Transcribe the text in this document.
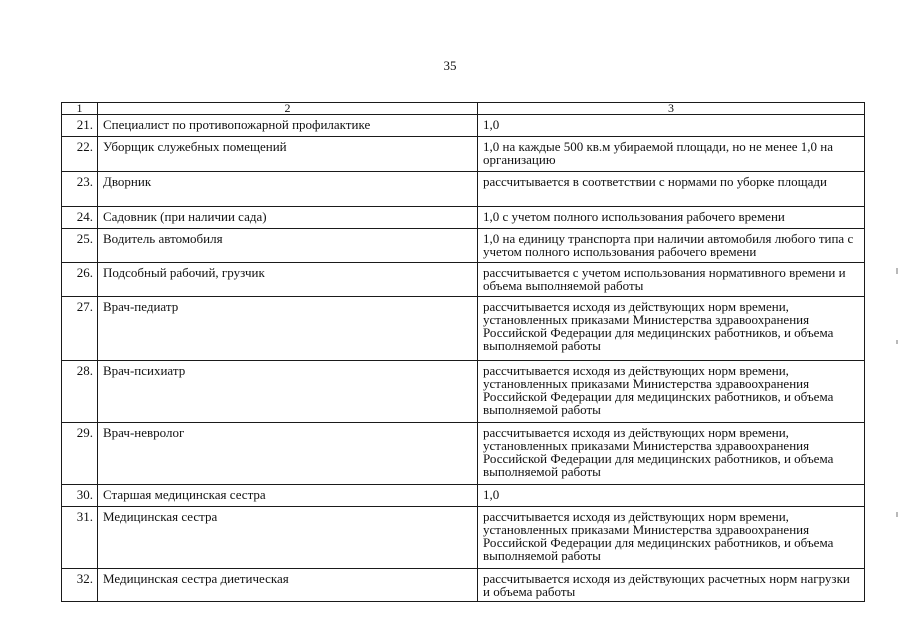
35
1	2	3
21.	Специалист по противопожарной профилактике	1,0
22.	Уборщик служебных помещений	1,0 на каждые 500 кв.м убираемой площади, но не менее 1,0 на организацию
23.	Дворник	рассчитывается в соответствии с нормами по уборке площади
24.	Садовник (при наличии сада)	1,0 с учетом полного использования рабочего времени
25.	Водитель автомобиля	1,0 на единицу транспорта при наличии автомобиля любого типа с учетом полного использования рабочего времени
26.	Подсобный рабочий, грузчик	рассчитывается с учетом использования нормативного времени и объема выполняемой работы
27.	Врач-педиатр	рассчитывается исходя из действующих норм времени, установленных приказами Министерства здравоохранения Российской Федерации для медицинских работников, и объема выполняемой работы
28.	Врач-психиатр	рассчитывается исходя из действующих норм времени, установленных приказами Министерства здравоохранения Российской Федерации для медицинских работников, и объема выполняемой работы
29.	Врач-невролог	рассчитывается исходя из действующих норм времени, установленных приказами Министерства здравоохранения Российской Федерации для медицинских работников, и объема выполняемой работы
30.	Старшая медицинская сестра	1,0
31.	Медицинская сестра	рассчитывается исходя из действующих норм времени, установленных приказами Министерства здравоохранения Российской Федерации для медицинских работников, и объема выполняемой работы
32.	Медицинская сестра диетическая	рассчитывается исходя из действующих расчетных норм нагрузки и объема работы
